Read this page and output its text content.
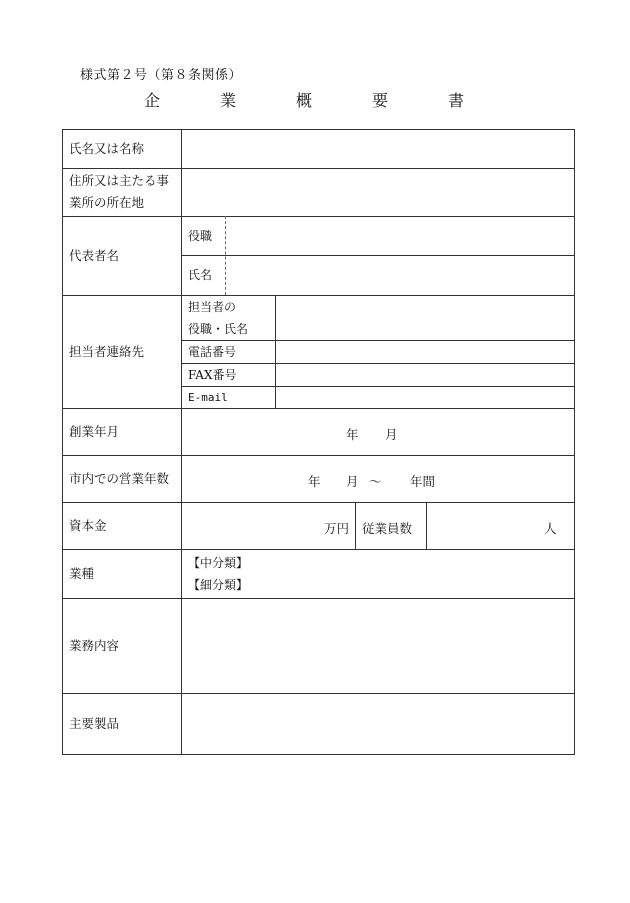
様式第２号（第８条関係）
企　業　概　要　書
氏名又は名称
住所又は主たる事
業所の所在地
代表者名
担当者連絡先
創業年月
市内での営業年数
資本金
業種
業務内容
主要製品
役職
氏名
担当者の
役職・氏名
電話番号
FAX番号
E-mail
年 月
年 月 ～ 年間
万円 従業員数	人
【中分類】
【細分類】
